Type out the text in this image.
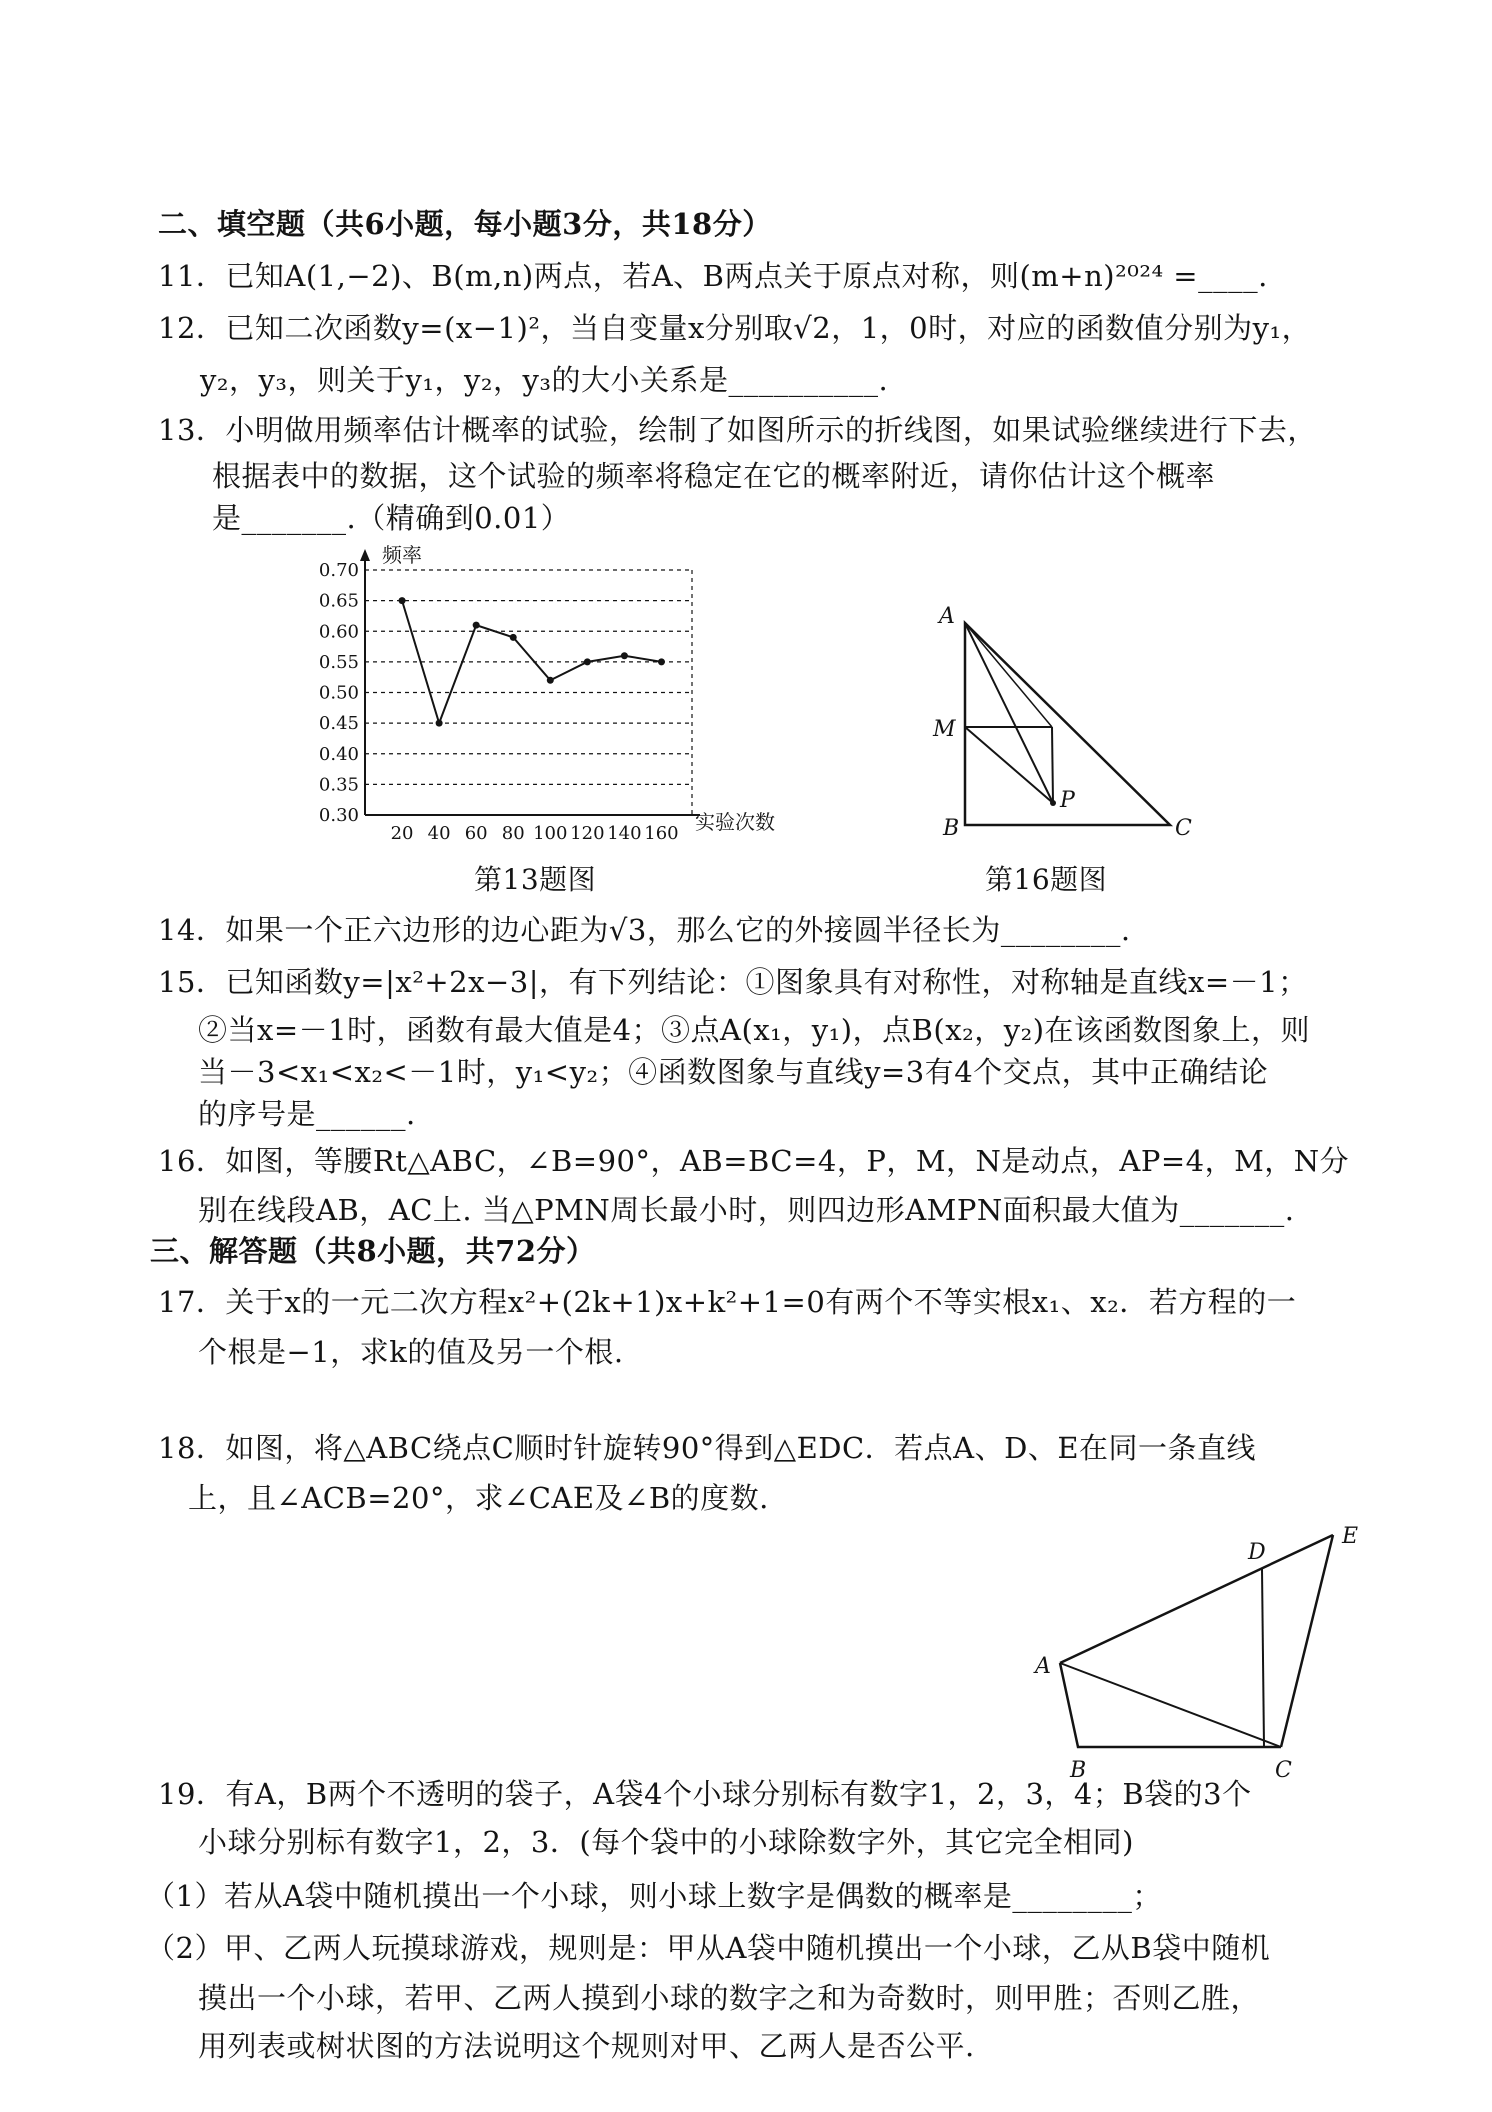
二、填空题（共6小题，每小题3分，共18分）
11．已知A(1,−2)、B(m,n)两点，若A、B两点关于原点对称，则(m+n)²⁰²⁴ =____.
12．已知二次函数y=(x−1)²，当自变量x分别取√2，1，0时，对应的函数值分别为y₁，
y₂，y₃，则关于y₁，y₂，y₃的大小关系是__________.
13．小明做用频率估计概率的试验，绘制了如图所示的折线图，如果试验继续进行下去，
根据表中的数据，这个试验的频率将稳定在它的概率附近，请你估计这个概率
是_______.（精确到0.01）
频率
实验次数
0.30
0.35
0.40
0.45
0.50
0.55
0.60
0.65
0.70
20 40 60 80 100 120 140 160
第13题图
A
M
B
P
C
第16题图
14．如果一个正六边形的边心距为√3，那么它的外接圆半径长为________.
15．已知函数y=|x²+2x−3|，有下列结论：①图象具有对称性，对称轴是直线x=－1；
②当x=－1时，函数有最大值是4；③点A(x₁，y₁)，点B(x₂，y₂)在该函数图象上，则
当－3<x₁<x₂<－1时，y₁<y₂；④函数图象与直线y=3有4个交点，其中正确结论
的序号是______.
16．如图，等腰Rt△ABC，∠B=90°，AB=BC=4，P，M，N是动点，AP=4，M，N分
别在线段AB，AC上. 当△PMN周长最小时，则四边形AMPN面积最大值为_______.
三、解答题（共8小题，共72分）
17．关于x的一元二次方程x²+(2k+1)x+k²+1=0有两个不等实根x₁、x₂．若方程的一
个根是−1，求k的值及另一个根.
18．如图，将△ABC绕点C顺时针旋转90°得到△EDC．若点A、D、E在同一条直线
上，且∠ACB=20°，求∠CAE及∠B的度数.
A
B	C
D
E
19．有A，B两个不透明的袋子，A袋4个小球分别标有数字1，2，3，4；B袋的3个
小球分别标有数字1，2，3．(每个袋中的小球除数字外，其它完全相同)
（1）若从A袋中随机摸出一个小球，则小球上数字是偶数的概率是________；
（2）甲、乙两人玩摸球游戏，规则是：甲从A袋中随机摸出一个小球，乙从B袋中随机
摸出一个小球，若甲、乙两人摸到小球的数字之和为奇数时，则甲胜；否则乙胜，
用列表或树状图的方法说明这个规则对甲、乙两人是否公平.
